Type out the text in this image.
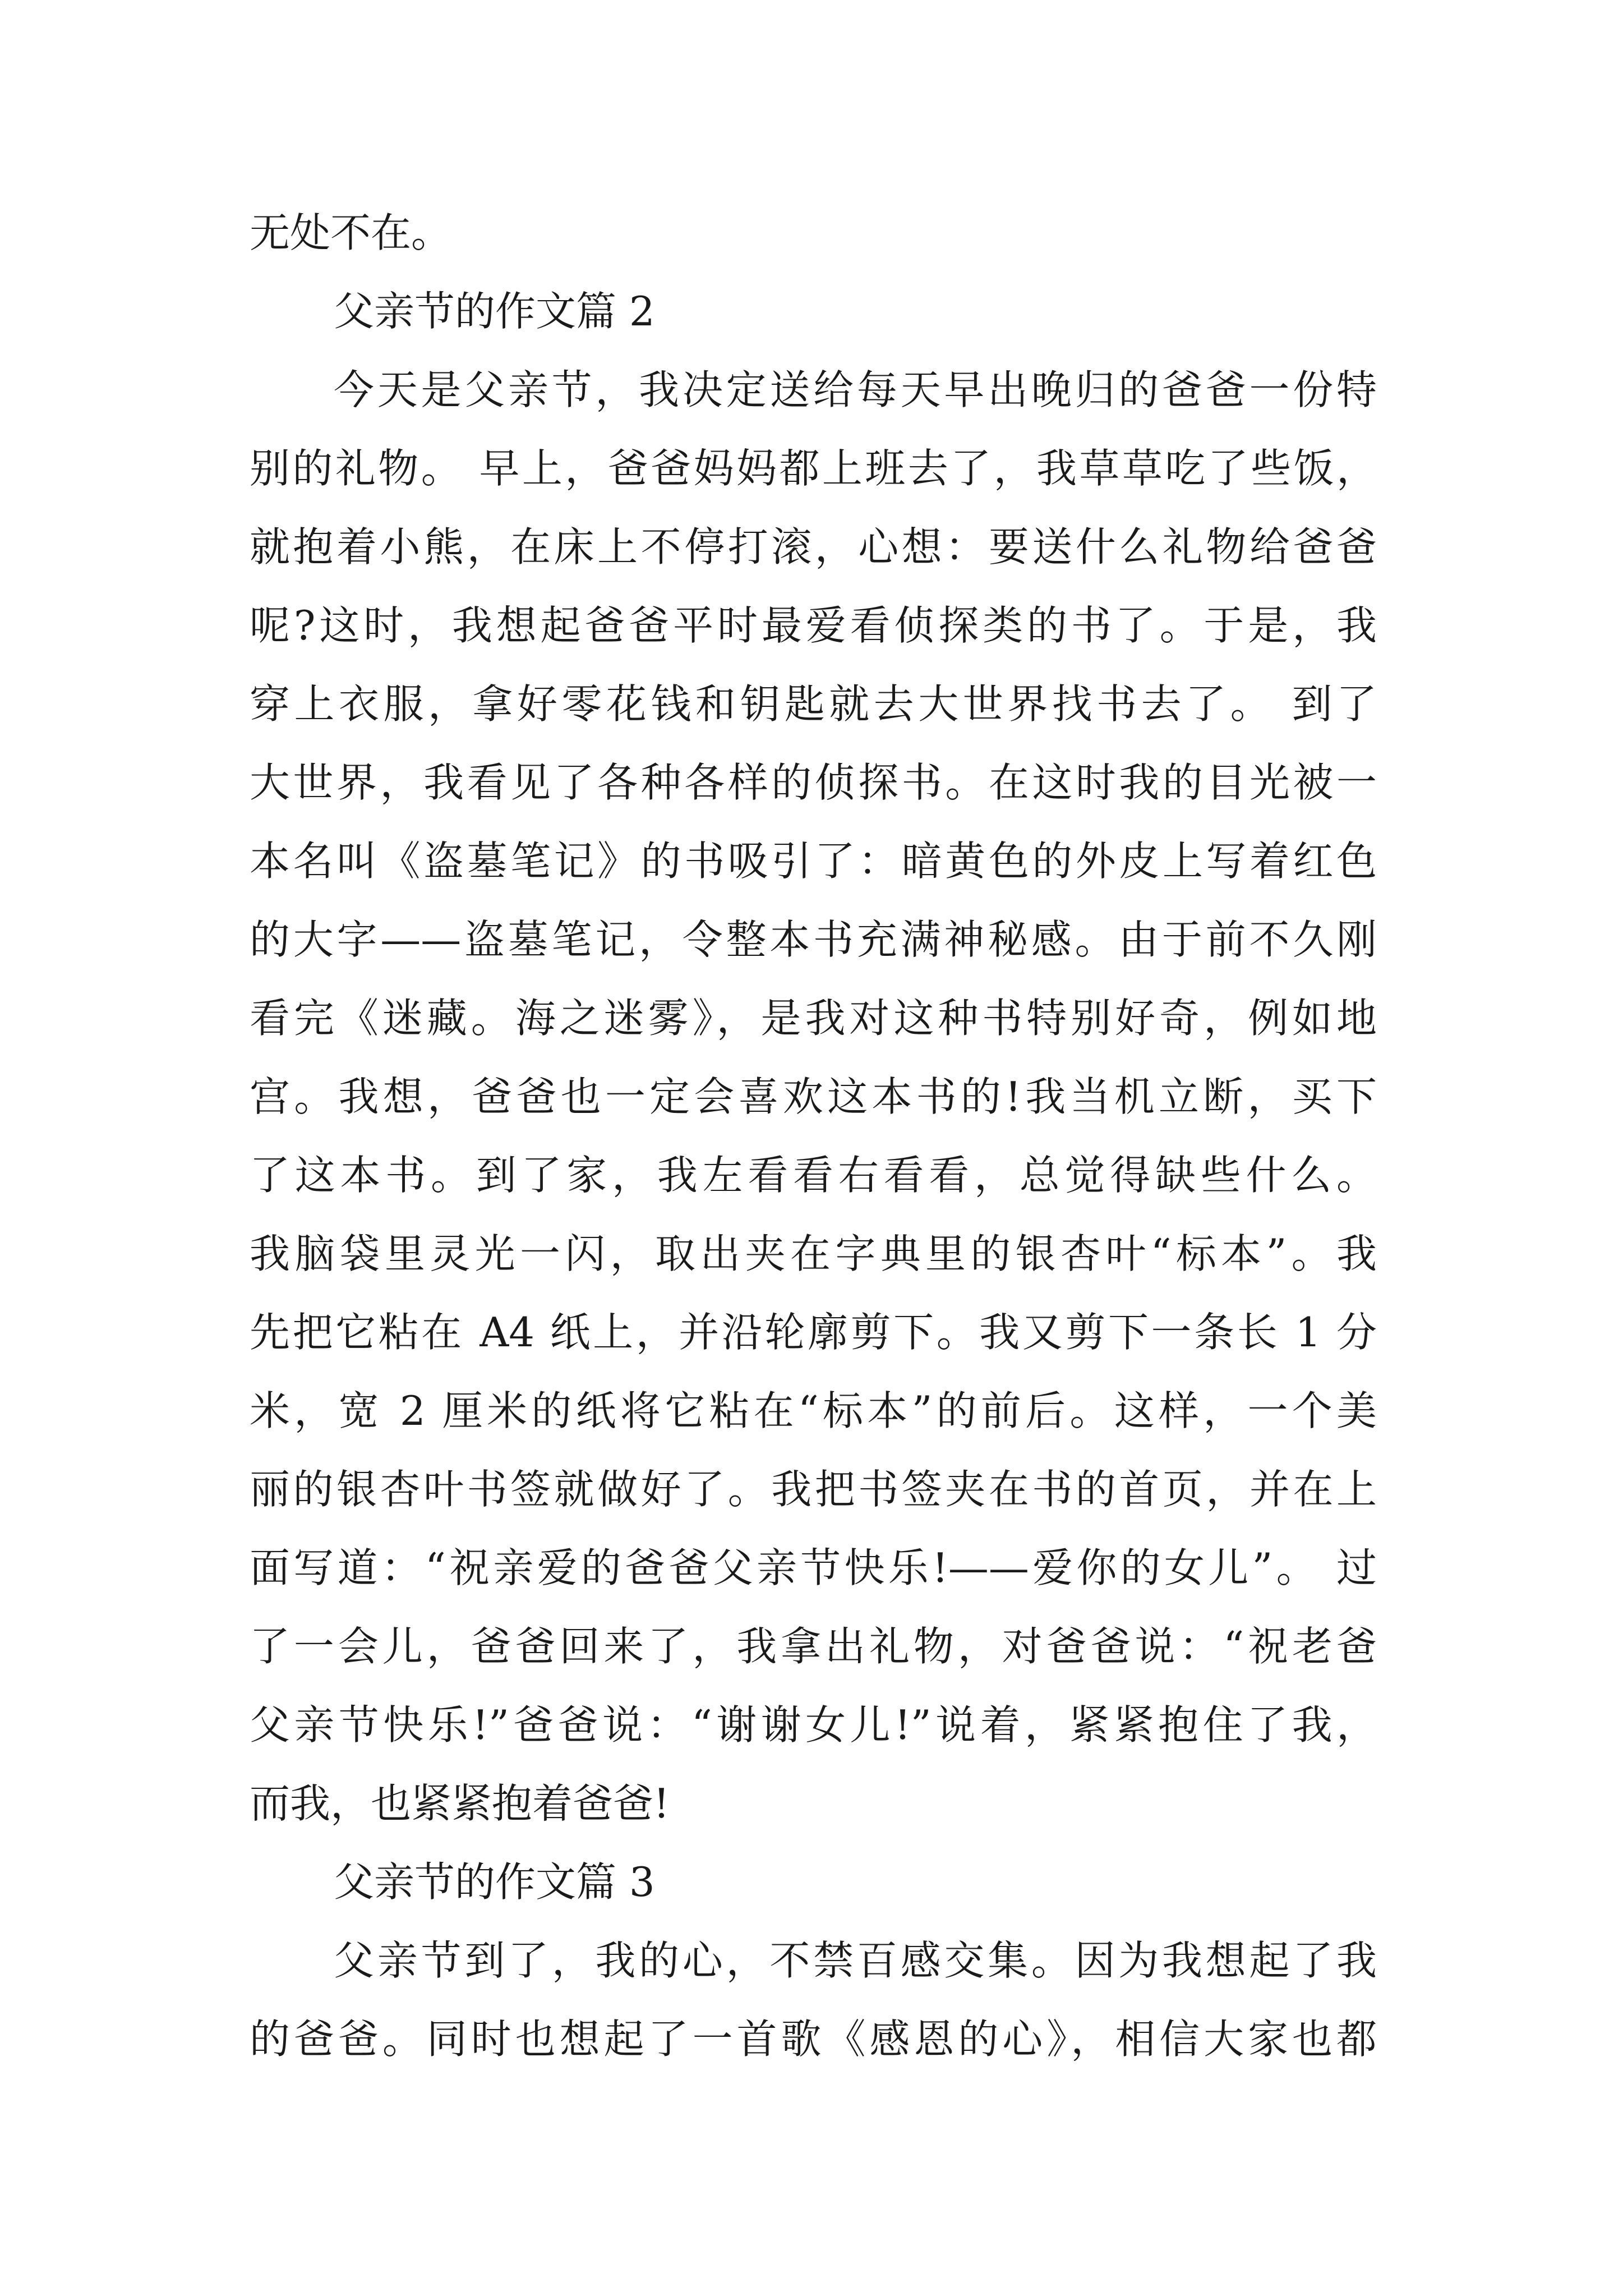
无处不在。
父亲节的作文篇 2
今天是父亲节，我决定送给每天早出晚归的爸爸一份特
别的礼物。 早上，爸爸妈妈都上班去了，我草草吃了些饭，
就抱着小熊，在床上不停打滚，心想：要送什么礼物给爸爸
呢?这时，我想起爸爸平时最爱看侦探类的书了。于是，我
穿上衣服，拿好零花钱和钥匙就去大世界找书去了。 到了
大世界，我看见了各种各样的侦探书。在这时我的目光被一
本名叫《盗墓笔记》的书吸引了：暗黄色的外皮上写着红色
的大字——盗墓笔记，令整本书充满神秘感。由于前不久刚
看完《迷藏。海之迷雾》，是我对这种书特别好奇，例如地
宫。我想，爸爸也一定会喜欢这本书的!我当机立断，买下
了这本书。到了家，我左看看右看看，总觉得缺些什么。
我脑袋里灵光一闪，取出夹在字典里的银杏叶“标本”。我
先把它粘在 A4 纸上，并沿轮廓剪下。我又剪下一条长 1 分
米，宽 2 厘米的纸将它粘在“标本”的前后。这样，一个美
丽的银杏叶书签就做好了。我把书签夹在书的首页，并在上
面写道：“祝亲爱的爸爸父亲节快乐!——爱你的女儿”。 过
了一会儿，爸爸回来了，我拿出礼物，对爸爸说：“祝老爸
父亲节快乐!”爸爸说：“谢谢女儿!”说着，紧紧抱住了我，
而我，也紧紧抱着爸爸!
父亲节的作文篇 3
父亲节到了，我的心，不禁百感交集。因为我想起了我
的爸爸。同时也想起了一首歌《感恩的心》，相信大家也都
